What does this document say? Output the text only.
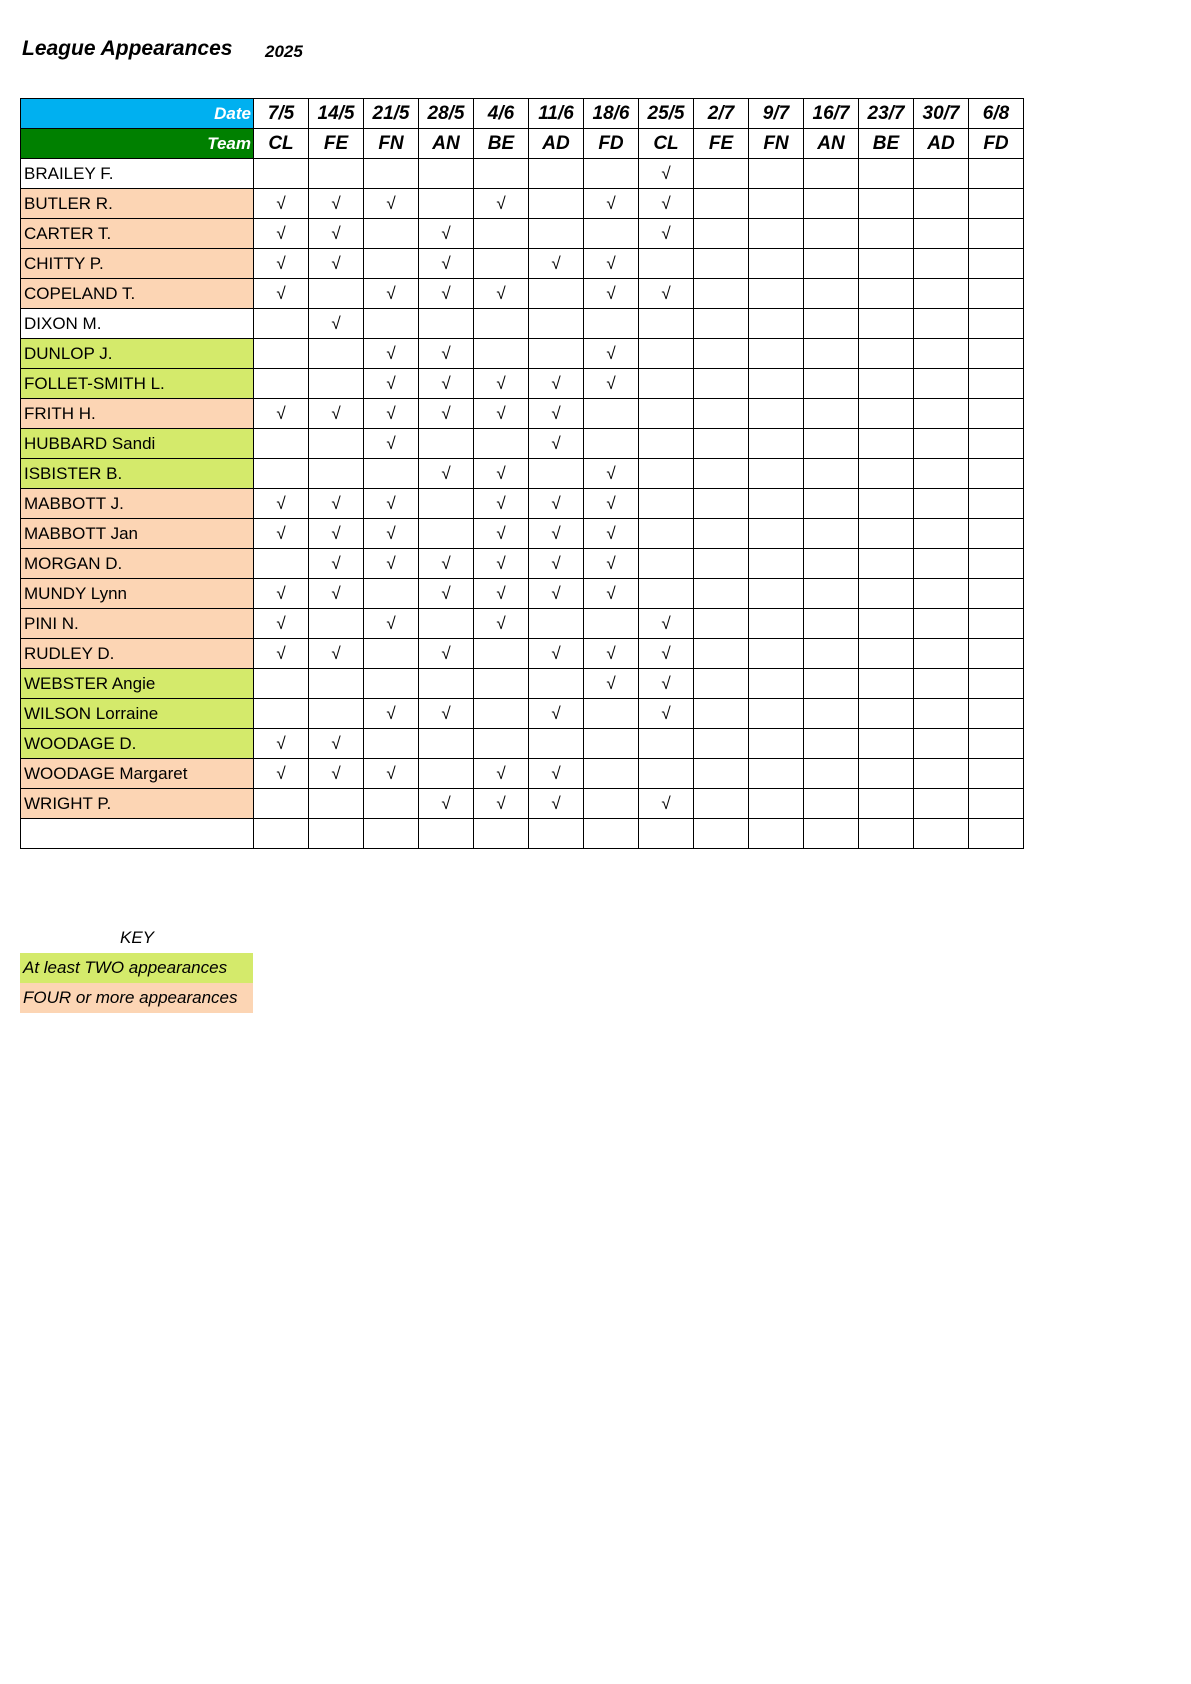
League Appearances 2025
Date	7/5	14/5	21/5	28/5	4/6	11/6	18/6	25/5	2/7	9/7	16/7	23/7	30/7	6/8
Team	CL	FE	FN	AN	BE	AD	FD	CL	FE	FN	AN	BE	AD	FD
BRAILEY F.								√						
BUTLER R.	√	√	√		√		√	√						
CARTER T.	√	√		√				√						
CHITTY P.	√	√		√		√	√							
COPELAND T.	√		√	√	√		√	√						
DIXON M.		√												
DUNLOP J.			√	√			√							
FOLLET-SMITH L.			√	√	√	√	√							
FRITH H.	√	√	√	√	√	√								
HUBBARD Sandi			√			√								
ISBISTER B.				√	√		√							
MABBOTT J.	√	√	√		√	√	√							
MABBOTT Jan	√	√	√		√	√	√							
MORGAN D.		√	√	√	√	√	√							
MUNDY Lynn	√	√		√	√	√	√							
PINI N.	√		√		√			√						
RUDLEY D.	√	√		√		√	√	√						
WEBSTER Angie							√	√						
WILSON Lorraine			√	√		√		√						
WOODAGE D.	√	√												
WOODAGE Margaret	√	√	√		√	√								
WRIGHT P.				√	√	√		√						

KEY
At least TWO appearances
FOUR or more appearances
